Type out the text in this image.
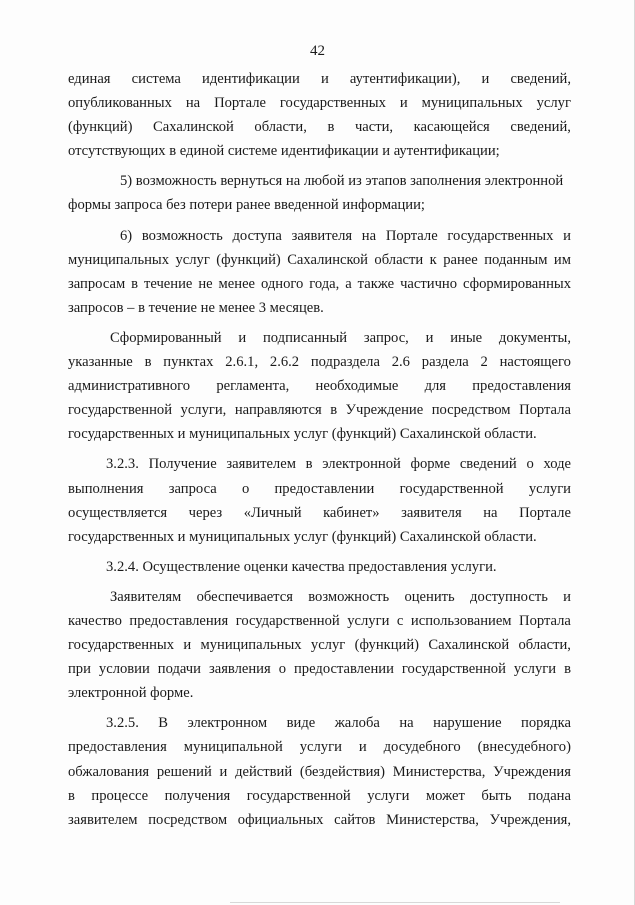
42
единая система идентификации и аутентификации), и сведений,
опубликованных на Портале государственных и муниципальных услуг
(функций) Сахалинской области, в части, касающейся сведений,
отсутствующих в единой системе идентификации и аутентификации;
5) возможность вернуться на любой из этапов заполнения электронной
формы запроса без потери ранее введенной информации;
6) возможность доступа заявителя на Портале государственных и
муниципальных услуг (функций) Сахалинской области к ранее поданным им
запросам в течение не менее одного года, а также частично сформированных
запросов – в течение не менее 3 месяцев.
Сформированный и подписанный запрос, и иные документы,
указанные в пунктах 2.6.1, 2.6.2 подраздела 2.6 раздела 2 настоящего
административного регламента, необходимые для предоставления
государственной услуги, направляются в Учреждение посредством Портала
государственных и муниципальных услуг (функций) Сахалинской области.
3.2.3. Получение заявителем в электронной форме сведений о ходе
выполнения запроса о предоставлении государственной услуги
осуществляется через «Личный кабинет» заявителя на Портале
государственных и муниципальных услуг (функций) Сахалинской области.
3.2.4. Осуществление оценки качества предоставления услуги.
Заявителям обеспечивается возможность оценить доступность и
качество предоставления государственной услуги с использованием Портала
государственных и муниципальных услуг (функций) Сахалинской области,
при условии подачи заявления о предоставлении государственной услуги в
электронной форме.
3.2.5. В электронном виде жалоба на нарушение порядка
предоставления муниципальной услуги и досудебного (внесудебного)
обжалования решений и действий (бездействия) Министерства, Учреждения
в процессе получения государственной услуги может быть подана
заявителем посредством официальных сайтов Министерства, Учреждения,
